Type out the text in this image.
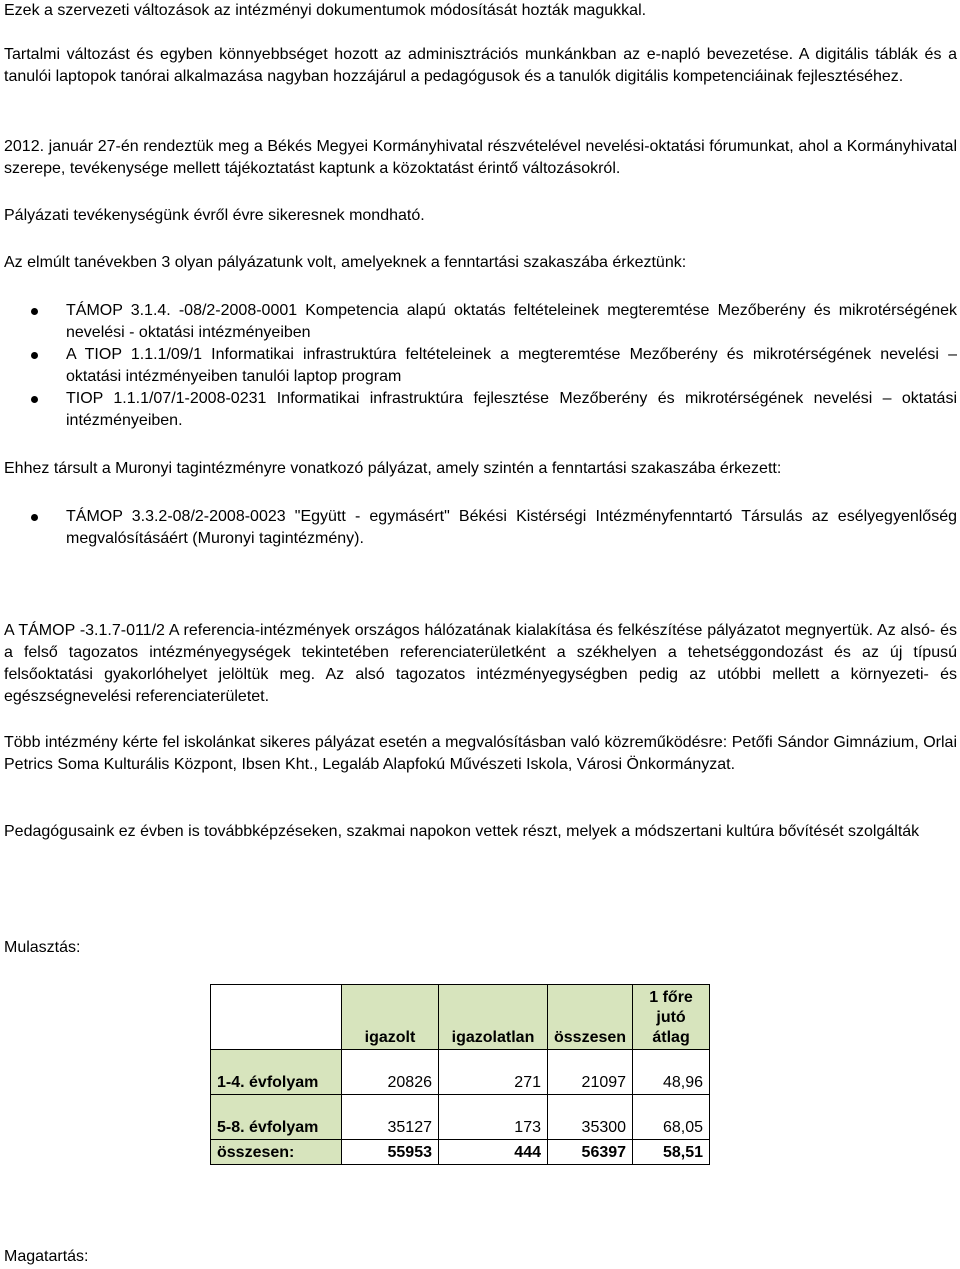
Ezek a szervezeti változások az intézményi dokumentumok módosítását hozták magukkal.

Tartalmi változást és egyben könnyebbséget hozott az adminisztrációs munkánkban az e-napló bevezetése. A digitális táblák és a tanulói laptopok tanórai alkalmazása nagyban hozzájárul a pedagógusok és a tanulók digitális kompetenciáinak fejlesztéséhez.

2012. január 27-én rendeztük meg a Békés Megyei Kormányhivatal részvételével nevelési-oktatási fórumunkat, ahol a Kormányhivatal szerepe, tevékenysége mellett tájékoztatást kaptunk a közoktatást érintő változásokról.

Pályázati tevékenységünk évről évre sikeresnek mondható.

Az elmúlt tanévekben 3 olyan pályázatunk volt, amelyeknek a fenntartási szakaszába érkeztünk:

TÁMOP 3.1.4. -08/2-2008-0001 Kompetencia alapú oktatás feltételeinek megteremtése Mezőberény és mikrotérségének nevelési - oktatási intézményeiben
A TIOP 1.1.1/09/1 Informatikai infrastruktúra feltételeinek a megteremtése Mezőberény és mikrotérségének nevelési – oktatási intézményeiben tanulói laptop program
TIOP 1.1.1/07/1-2008-0231 Informatikai infrastruktúra fejlesztése Mezőberény és mikrotérségének nevelési – oktatási intézményeiben.

Ehhez társult a Muronyi tagintézményre vonatkozó pályázat, amely szintén a fenntartási szakaszába érkezett:

TÁMOP 3.3.2-08/2-2008-0023 "Együtt - egymásért" Békési Kistérségi Intézményfenntartó Társulás az esélyegyenlőség megvalósításáért (Muronyi tagintézmény).

A TÁMOP -3.1.7-011/2 A referencia-intézmények országos hálózatának kialakítása és felkészítése pályázatot megnyertük. Az alsó- és a felső tagozatos intézményegységek tekintetében referenciaterületként a székhelyen a tehetséggondozást és az új típusú felsőoktatási gyakorlóhelyet jelöltük meg. Az alsó tagozatos intézményegységben pedig az utóbbi mellett a környezeti- és egészségnevelési referenciaterületet.

Több intézmény kérte fel iskolánkat sikeres pályázat esetén a megvalósításban való közreműködésre: Petőfi Sándor Gimnázium, Orlai Petrics Soma Kulturális Központ, Ibsen Kht., Legaláb Alapfokú Művészeti Iskola, Városi Önkormányzat.

Pedagógusaink ez évben is továbbképzéseken, szakmai napokon vettek részt, melyek a módszertani kultúra bővítését szolgálták

Mulasztás:

Magatartás:

	igazolt	igazolatlan	összesen	1 főre jutó átlag
1-4. évfolyam	20826	271	21097	48,96
5-8. évfolyam	35127	173	35300	68,05
összesen:	55953	444	56397	58,51
